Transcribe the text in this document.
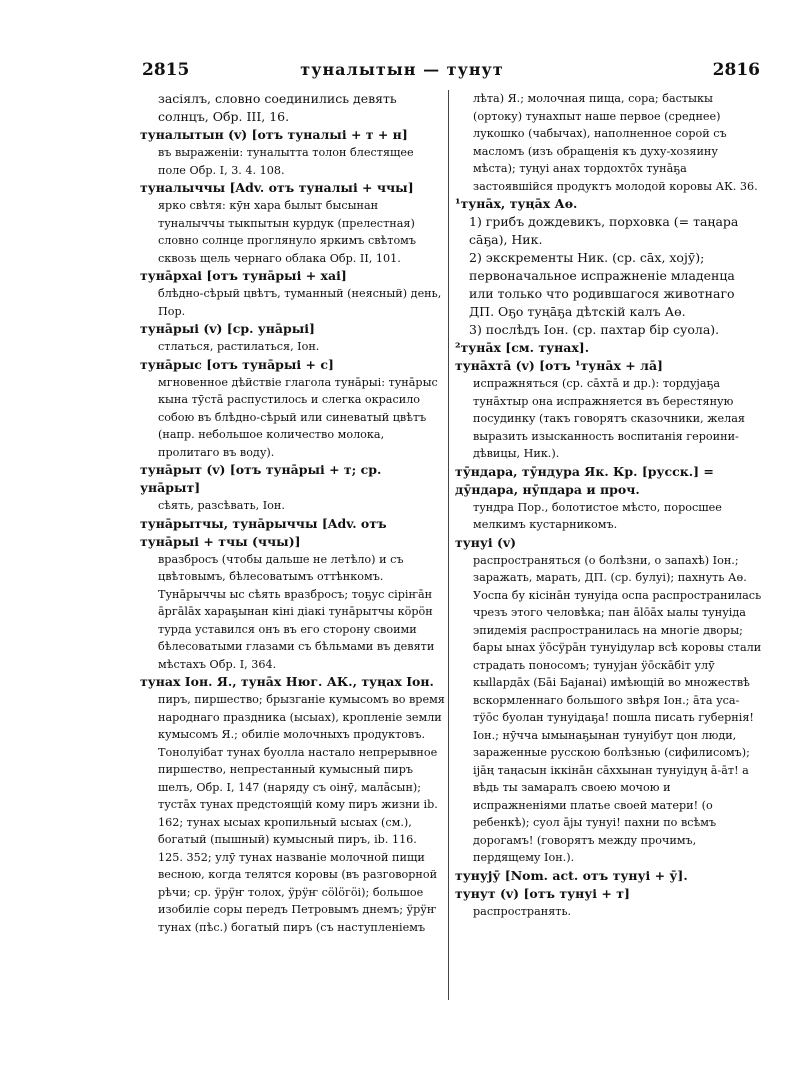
2815	туналытын — тунут	2816

засіялъ, словно соединились девять солнцъ, Обр. III, 16.

туналытын (v) [отъ туналыі + т + н]

въ выраженіи: туналытта толон блестящее поле Обр. I, 3. 4. 108.

туналыччы [Adv. отъ туналыі + ччы]

ярко свѣтя: кӯн хара былыт бысынан туналыччы тыкпытын курдук (прелестная) словно солнце проглянуло яркимъ свѣтомъ сквозь щель чернаго облака Обр. II, 101.

тунāрхаі [отъ тунāрыі + хаі]

блѣдно-сѣрый цвѣтъ, туманный (неясный) день, Пор.

тунāрыі (v) [ср. унāрыі]

стлаться, растилаться, Іон.

тунāрыс [отъ тунāрыі + с]

мгновенное дѣйствіе глагола тунāрыі: тунāрыс кына тӯстā распустилось и слегка окрасило собою въ блѣдно-сѣрый или синеватый цвѣтъ (напр. небольшое количество молока, пролитаго въ воду).

тунāрыт (v) [отъ тунāрыі + т; ср. унāрыт]

сѣять, разсѣвать, Іон.

тунāрытчы, тунāрыччы [Adv. отъ тунāрыі + тчы (ччы)]

вразбросъ (чтобы дальше не летѣло) и съ цвѣтовымъ, бѣлесоватымъ оттѣнкомъ. Тунāрыччы ыс сѣять вразбросъ; тоҕус сіріҥāн āргālāх хараҕынан кіні діакі тунāрытчы кӧрӧн турда уставился онъ въ его сторону своими бѣлесоватыми глазами съ бѣльмами въ девяти мѣстахъ Обр. I, 364.

тунах Іон. Я., тунāх Нюг. АК., туңах Іон.

пиръ, пиршество; брызганіе кумысомъ во время народнаго праздника (ысыах), кропленіе земли кумысомъ Я.; обиліе молочныхъ продуктовъ. Тонолуібат тунах буолла настало непрерывное пиршество, непрестанный кумысный пиръ шелъ, Обр. I, 147 (наряду съ оінӯ, малāсын); тустāх тунах предстоящій кому пиръ жизни ib. 162; тунах ысыах кропильный ысыах (см.), богатый (пышный) кумысный пиръ, ib. 116. 125. 352; улӯ тунах названіе молочной пищи весною, когда телятся коровы (въ разговорной рѣчи; ср. ӱрӱҥ толох, ӱрӱҥ сӧlӧгӧі); большое изобиліе соры передъ Петровымъ днемъ; ӱрӱҥ тунах (пѣс.) богатый пиръ (съ наступленіемъ

лѣта) Я.; молочная пища, сора; бастыкы (ортоку) тунахпыт наше первое (среднее) лукошко (чабычах), наполненное сорой съ масломъ (изъ обращенія къ духу-хозяину мѣста); туңуі анах тордохтōх тунāҕа застоявшійся продуктъ молодой коровы АК. 36.

¹тунāх, туңāх Аө.

1) грибъ дождевикъ, порховка (= таңара сāҕа), Ник.

2) экскременты Ник. (ср. сāх, хојӯ); первоначальное испражненіе младенца или только что родившагося животнаго ДП. Оҕо туңāҕа дѣтскій калъ Аө.

3) послѣдъ Іон. (ср. пахтар бір суола).

²тунāх [см. тунах].

тунāхтā (v) [отъ ¹тунāх + лā]

испражняться (ср. сāхтā и др.): тордујаҕа тунāхтыр она испражняется въ берестяную посудинку (такъ говорятъ сказочники, желая выразить изысканность воспитанія героини-дѣвицы, Ник.).

тӯндара, тӯндура Як. Кр. [русск.] = дӯндара, нӯпдара и проч.

тундра Пор., болотистое мѣсто, поросшее мелкимъ кустарникомъ.

тунуі (v)

распространяться (о болѣзни, о запахѣ) Іон.; заражать, марать, ДП. (ср. булуі); пахнуть Аө. Уоспа бу кісінāн тунуіда оспа распространилась чрезъ этого человѣка; пан ālōāх ыалы тунуіда эпидемія распространилась на многіе дворы; бары ынах ӱōсӱрāн тунуідулар всѣ коровы стали страдать поносомъ; тунујан ӱōскāбіт улӯ кыllардāх (Бāі Баjанаі) имѣющій во множествѣ вскормленнаго большого звѣря Іон.; āта уса-тӱōс буолан тунуідаҕа! пошла писать губернія! Іон.; нӯчча ымынаҕынан тунуібут цон люди, зараженные русскою болѣзнью (сифилисомъ); іјāң таңасын іккінāн сāххынан тунуідуң ā-āт! а вѣдь ты замаралъ своею мочою и испражненіями платье своей матери! (о ребенкѣ); суол ājы тунуі! пахни по всѣмъ дорогамъ! (говорятъ между прочимъ, пердящему Іон.).

тунујӯ [Nom. act. отъ тунуі + ӯ].

тунут (v) [отъ тунуі + т]

распространять.
